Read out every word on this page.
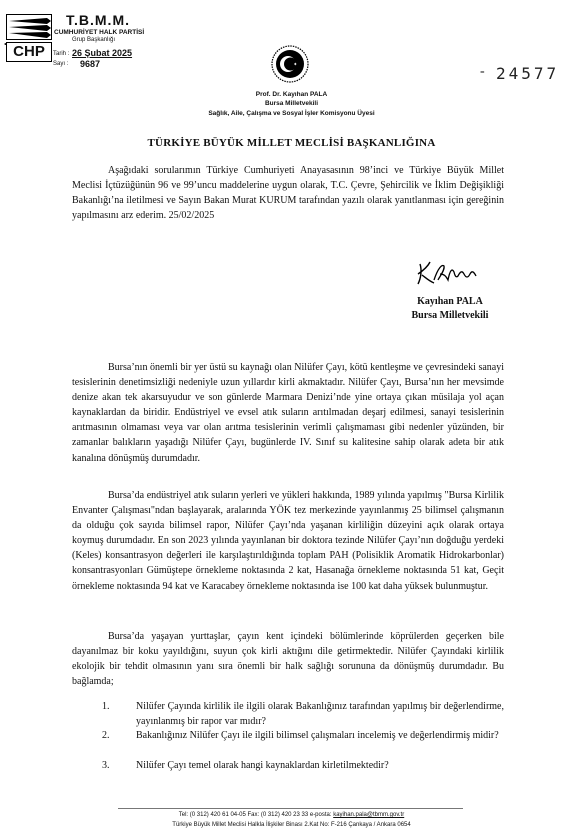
CHP
•
T.B.M.M.
CUMHURİYET HALK PARTİSİ
Grup Başkanlığı
Tarih : 26 Şubat 2025
Sayı : 9687	- 24577
Prof. Dr. Kayıhan PALA
Bursa Milletvekili
Sağlık, Aile, Çalışma ve Sosyal İşler Komisyonu Üyesi
TÜRKİYE BÜYÜK MİLLET MECLİSİ BAŞKANLIĞINA

Aşağıdaki sorularımın Türkiye Cumhuriyeti Anayasasının 98’inci ve Türkiye Büyük Millet Meclisi İçtüzüğünün 96 ve 99’uncu maddelerine uygun olarak, T.C. Çevre, Şehircilik ve İklim Değişikliği Bakanlığı’na iletilmesi ve Sayın Bakan Murat KURUM tarafından yazılı olarak yanıtlanması için gereğinin yapılmasını arz ederim. 25/02/2025

Kayıhan PALA
Bursa Milletvekili

Bursa’nın önemli bir yer üstü su kaynağı olan Nilüfer Çayı, kötü kentleşme ve çevresindeki sanayi tesislerinin denetimsizliği nedeniyle uzun yıllardır kirli akmaktadır. Nilüfer Çayı, Bursa’nın her mevsimde denize akan tek akarsuyudur ve son günlerde Marmara Denizi’nde yine ortaya çıkan müsilaja yol açan kaynaklardan da biridir. Endüstriyel ve evsel atık suların arıtılmadan deşarj edilmesi, sanayi tesislerinin arıtmasının olmaması veya var olan arıtma tesislerinin verimli çalışmaması gibi nedenler yüzünden, bir zamanlar balıkların yaşadığı Nilüfer Çayı, bugünlerde IV. Sınıf su kalitesine sahip olarak adeta bir atık kanalına dönüşmüş durumdadır.

Bursa’da endüstriyel atık suların yerleri ve yükleri hakkında, 1989 yılında yapılmış "Bursa Kirlilik Envanter Çalışması"ndan başlayarak, aralarında YÖK tez merkezinde yayınlanmış 25 bilimsel çalışmanın da olduğu çok sayıda bilimsel rapor, Nilüfer Çayı’nda yaşanan kirliliğin düzeyini açık olarak ortaya koymuş durumdadır. En son 2023 yılında yayınlanan bir doktora tezinde Nilüfer Çayı’nın doğduğu yerdeki (Keles) konsantrasyon değerleri ile karşılaştırıldığında toplam PAH (Polisiklik Aromatik Hidrokarbonlar) konsantrasyonları Gümüştepe örnekleme noktasında 2 kat, Hasanağa örnekleme noktasında 51 kat, Geçit örnekleme noktasında 94 kat ve Karacabey örnekleme noktasında ise 100 kat daha yüksek bulunmuştur.

Bursa’da yaşayan yurttaşlar, çayın kent içindeki bölümlerinde köprülerden geçerken bile dayanılmaz bir koku yayıldığını, suyun çok kirli aktığını dile getirmektedir. Nilüfer Çayındaki kirlilik ekolojik bir tehdit olmasının yanı sıra önemli bir halk sağlığı sorununa da dönüşmüş durumdadır. Bu bağlamda;

1.	Nilüfer Çayında kirlilik ile ilgili olarak Bakanlığınız tarafından yapılmış bir değerlendirme, yayınlanmış bir rapor var mıdır?
2.	Bakanlığınız Nilüfer Çayı ile ilgili bilimsel çalışmaları incelemiş ve değerlendirmiş midir?
3.	Nilüfer Çayı temel olarak hangi kaynaklardan kirletilmektedir?
Tel: (0 312) 420 61 04-05 Fax: (0 312) 420 23 33 e-posta: kayihan.pala@tbmm.gov.tr
Türkiye Büyük Millet Meclisi Halkla İlişkiler Binası 2.Kat No: F-216 Çankaya / Ankara 0654
